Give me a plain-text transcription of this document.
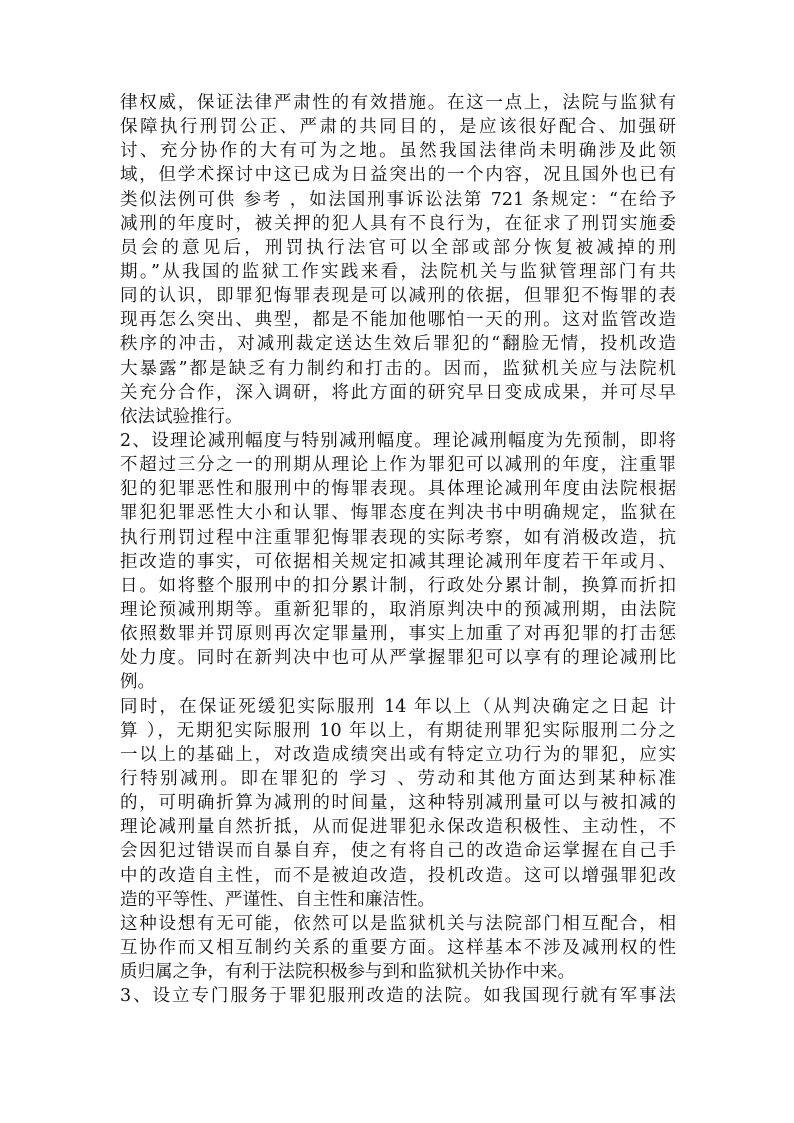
律权威，保证法律严肃性的有效措施。在这一点上，法院与监狱有
保障执行刑罚公正、严肃的共同目的，是应该很好配合、加强研
讨、充分协作的大有可为之地。虽然我国法律尚未明确涉及此领
域，但学术探讨中这已成为日益突出的一个内容，况且国外也已有
类似法例可供 参考 ，如法国刑事诉讼法第 721 条规定：“在给予
减刑的年度时，被关押的犯人具有不良行为，在征求了刑罚实施委
员会的意见后，刑罚执行法官可以全部或部分恢复被减掉的刑
期。”从我国的监狱工作实践来看，法院机关与监狱管理部门有共
同的认识，即罪犯悔罪表现是可以减刑的依据，但罪犯不悔罪的表
现再怎么突出、典型，都是不能加他哪怕一天的刑。这对监管改造
秩序的冲击，对减刑裁定送达生效后罪犯的“翻脸无情，投机改造
大暴露”都是缺乏有力制约和打击的。因而，监狱机关应与法院机
关充分合作，深入调研，将此方面的研究早日变成成果，并可尽早
依法试验推行。
2、设理论减刑幅度与特别减刑幅度。理论减刑幅度为先预制，即将
不超过三分之一的刑期从理论上作为罪犯可以减刑的年度，注重罪
犯的犯罪恶性和服刑中的悔罪表现。具体理论减刑年度由法院根据
罪犯犯罪恶性大小和认罪、悔罪态度在判决书中明确规定，监狱在
执行刑罚过程中注重罪犯悔罪表现的实际考察，如有消极改造，抗
拒改造的事实，可依据相关规定扣减其理论减刑年度若干年或月、
日。如将整个服刑中的扣分累计制，行政处分累计制，换算而折扣
理论预减刑期等。重新犯罪的，取消原判决中的预减刑期，由法院
依照数罪并罚原则再次定罪量刑，事实上加重了对再犯罪的打击惩
处力度。同时在新判决中也可从严掌握罪犯可以享有的理论减刑比
例。
同时，在保证死缓犯实际服刑 14 年以上（从判决确定之日起 计
算 ），无期犯实际服刑 10 年以上，有期徒刑罪犯实际服刑二分之
一以上的基础上，对改造成绩突出或有特定立功行为的罪犯，应实
行特别减刑。即在罪犯的 学习 、劳动和其他方面达到某种标准
的，可明确折算为减刑的时间量，这种特别减刑量可以与被扣减的
理论减刑量自然折抵，从而促进罪犯永保改造积极性、主动性，不
会因犯过错误而自暴自弃，使之有将自己的改造命运掌握在自己手
中的改造自主性，而不是被迫改造，投机改造。这可以增强罪犯改
造的平等性、严谨性、自主性和廉洁性。
这种设想有无可能，依然可以是监狱机关与法院部门相互配合，相
互协作而又相互制约关系的重要方面。这样基本不涉及减刑权的性
质归属之争，有利于法院积极参与到和监狱机关协作中来。
3、设立专门服务于罪犯服刑改造的法院。如我国现行就有军事法
